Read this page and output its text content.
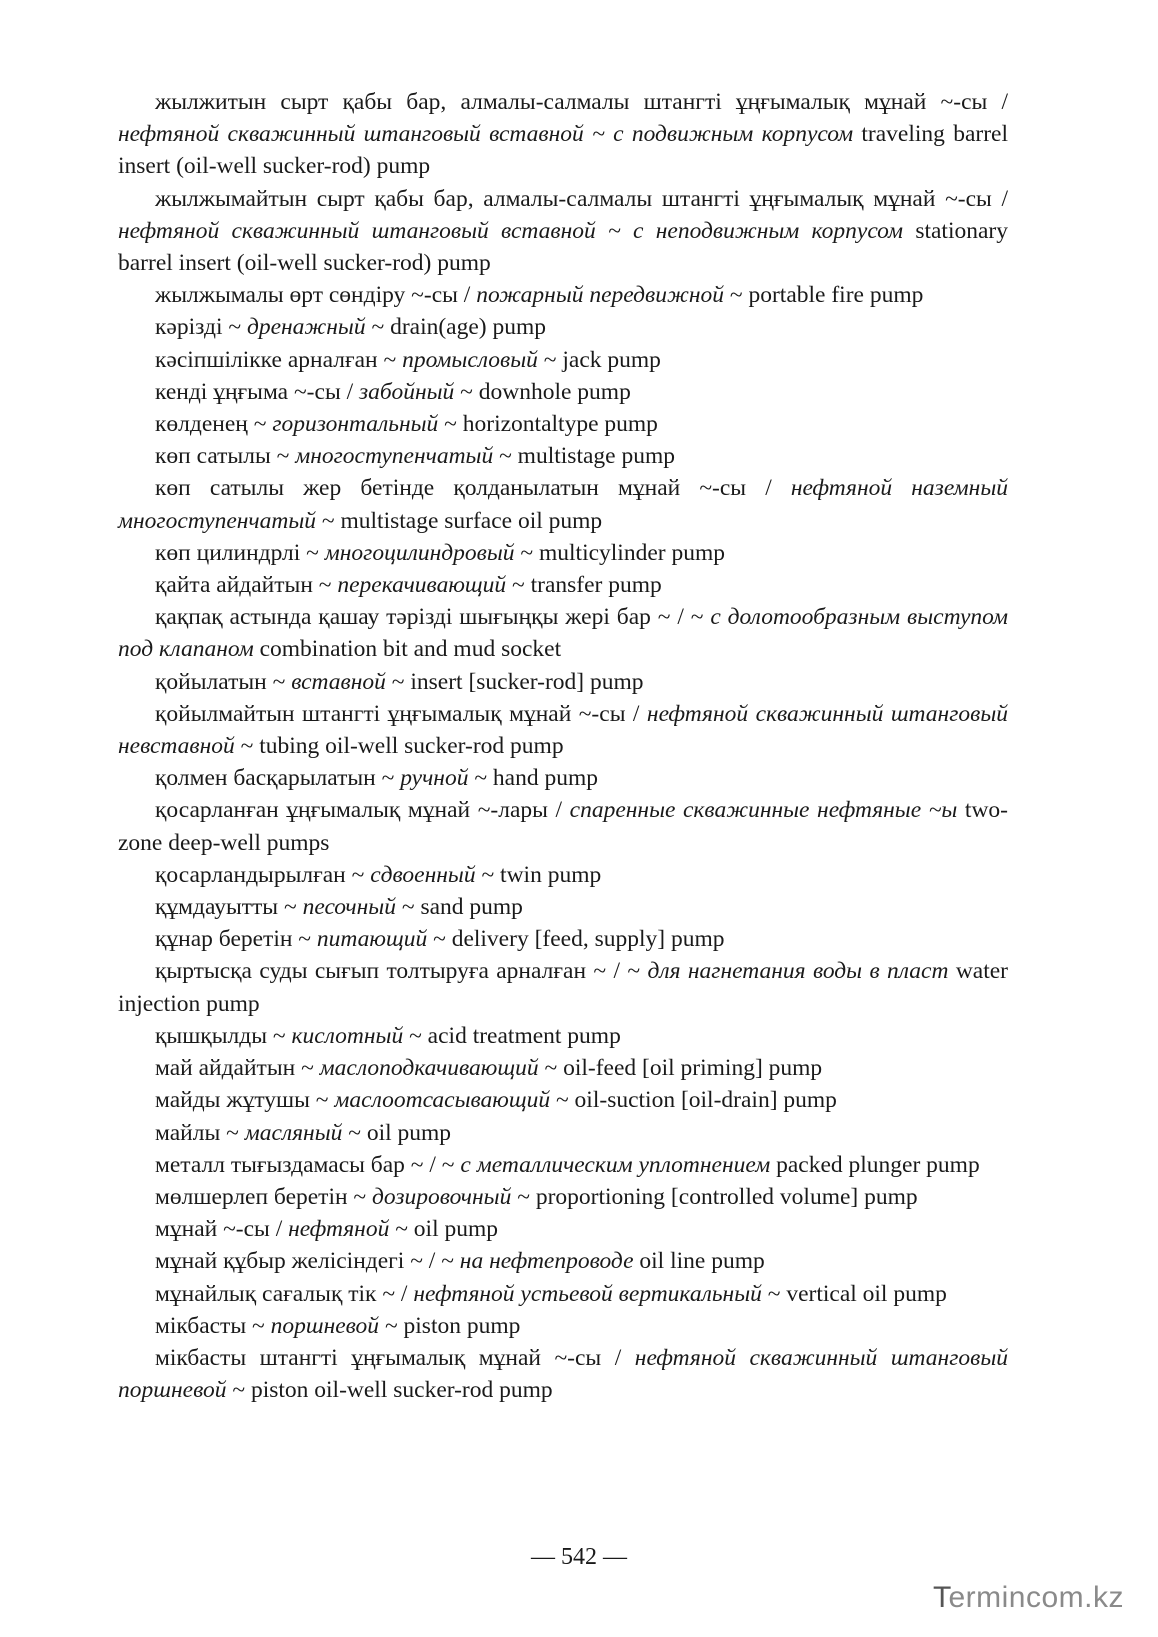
жылжитын сырт қабы бар, алмалы-салмалы штангті ұңғымалық мұнай ~-сы / нефтяной скважинный штанговый вставной ~ с подвижным корпусом traveling barrel insert (oil-well sucker-rod) pump

жылжымайтын сырт қабы бар, алмалы-салмалы штангті ұңғымалық мұнай ~-сы / нефтяной скважинный штанговый вставной ~ с неподвижным корпусом stationary barrel insert (oil-well sucker-rod) pump

жылжымалы өрт сөндіру ~-сы / пожарный передвижной ~ portable fire pump

кәрізді ~ дренажный ~ drain(age) pump

кәсіпшілікке арналған ~ промысловый ~ jack pump

кенді ұңғыма ~-сы / забойный ~ downhole pump

көлденең ~ горизонтальный ~ horizontaltype pump

көп сатылы ~ многоступенчатый ~ multistage pump

көп сатылы жер бетінде қолданылатын мұнай ~-сы / нефтяной наземный многоступенчатый ~ multistage surface oil pump

көп цилиндрлі ~ многоцилиндровый ~ multicylinder pump

қайта айдайтын ~ перекачивающий ~ transfer pump

қақпақ астында қашау тәрізді шығыңқы жері бар ~ / ~ с долотообразным выступом под клапаном combination bit and mud socket

қойылатын ~ вставной ~ insert [sucker-rod] pump

қойылмайтын штангті ұңғымалық мұнай ~-сы / нефтяной скважинный штанговый невставной ~ tubing oil-well sucker-rod pump

қолмен басқарылатын ~ ручной ~ hand pump

қосарланған ұңғымалық мұнай ~-лары / спаренные скважинные нефтяные ~ы two-zone deep-well pumps

қосарландырылған ~ сдвоенный ~ twin pump

құмдауытты ~ песочный ~ sand pump

құнар беретін ~ питающий ~ delivery [feed, supply] pump

қыртысқа суды сығып толтыруға арналған ~ / ~ для нагнетания воды в пласт water injection pump

қышқылды ~ кислотный ~ acid treatment pump

май айдайтын ~ маслоподкачивающий ~ oil-feed [oil priming] pump

майды жұтушы ~ маслоотсасывающий ~ oil-suction [oil-drain] pump

майлы ~ масляный ~ oil pump

металл тығыздамасы бар ~ / ~ с металлическим уплотнением packed plunger pump

мөлшерлеп беретін ~ дозировочный ~ proportioning [controlled volume] pump

мұнай ~-сы / нефтяной ~ oil pump

мұнай құбыр желісіндегі ~ / ~ на нефтепроводе oil line pump

мұнайлық сағалық тік ~ / нефтяной устьевой вертикальный ~ vertical oil pump

мікбасты ~ поршневой ~ piston pump

мікбасты штангті ұңғымалық мұнай ~-сы / нефтяной скважинный штанговый поршневой ~ piston oil-well sucker-rod pump

— 542 —
Termincom.kz
